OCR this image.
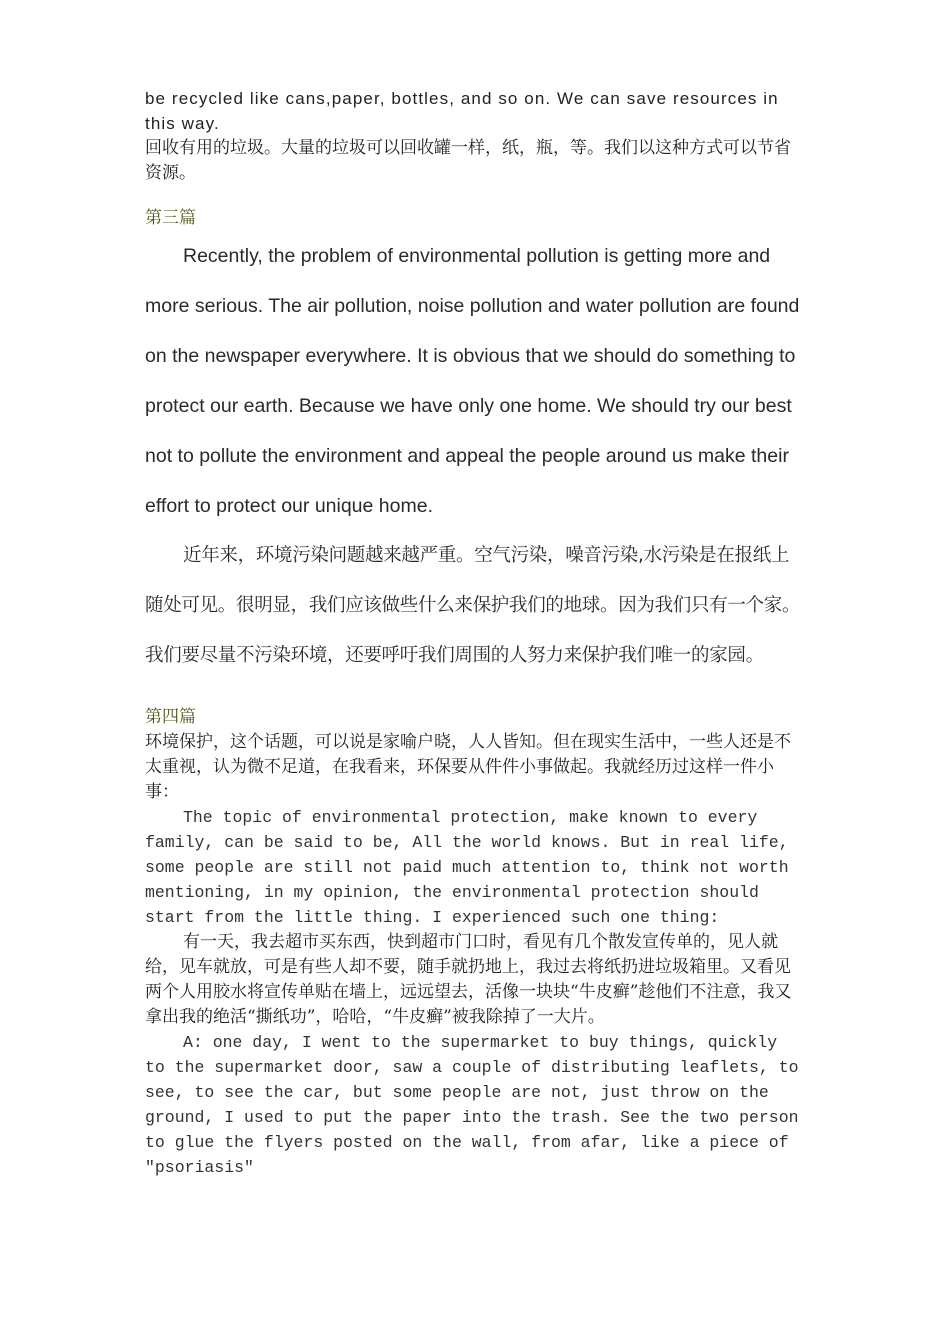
be recycled like cans,paper, bottles, and so on. We can save resources in this way.

回收有用的垃圾。大量的垃圾可以回收罐一样，纸，瓶，等。我们以这种方式可以节省资源。

第三篇

Recently, the problem of environmental pollution is getting more and more serious. The air pollution, noise pollution and water pollution are found on the newspaper everywhere. It is obvious that we should do something to protect our earth. Because we have only one home. We should try our best not to pollute the environment and appeal the people around us make their effort to protect our unique home.

近年来，环境污染问题越来越严重。空气污染，噪音污染,水污染是在报纸上随处可见。很明显，我们应该做些什么来保护我们的地球。因为我们只有一个家。我们要尽量不污染环境，还要呼吁我们周围的人努力来保护我们唯一的家园。

第四篇

环境保护，这个话题，可以说是家喻户晓，人人皆知。但在现实生活中，一些人还是不太重视，认为微不足道，在我看来，环保要从件件小事做起。我就经历过这样一件小事：

The topic of environmental protection, make known to every family, can be said to be, All the world knows. But in real life, some people are still not paid much attention to, think not worth mentioning, in my opinion, the environmental protection should start from the little thing. I experienced such one thing:

有一天，我去超市买东西，快到超市门口时，看见有几个散发宣传单的，见人就给，见车就放，可是有些人却不要，随手就扔地上，我过去将纸扔进垃圾箱里。又看见两个人用胶水将宣传单贴在墙上，远远望去，活像一块块“牛皮癣”趁他们不注意，我又拿出我的绝活“撕纸功”，哈哈，“牛皮癣”被我除掉了一大片。

A: one day, I went to the supermarket to buy things, quickly to the supermarket door, saw a couple of distributing leaflets, to see, to see the car, but some people are not, just throw on the ground, I used to put the paper into the trash. See the two person to glue the flyers posted on the wall, from afar, like a piece of "psoriasis"
